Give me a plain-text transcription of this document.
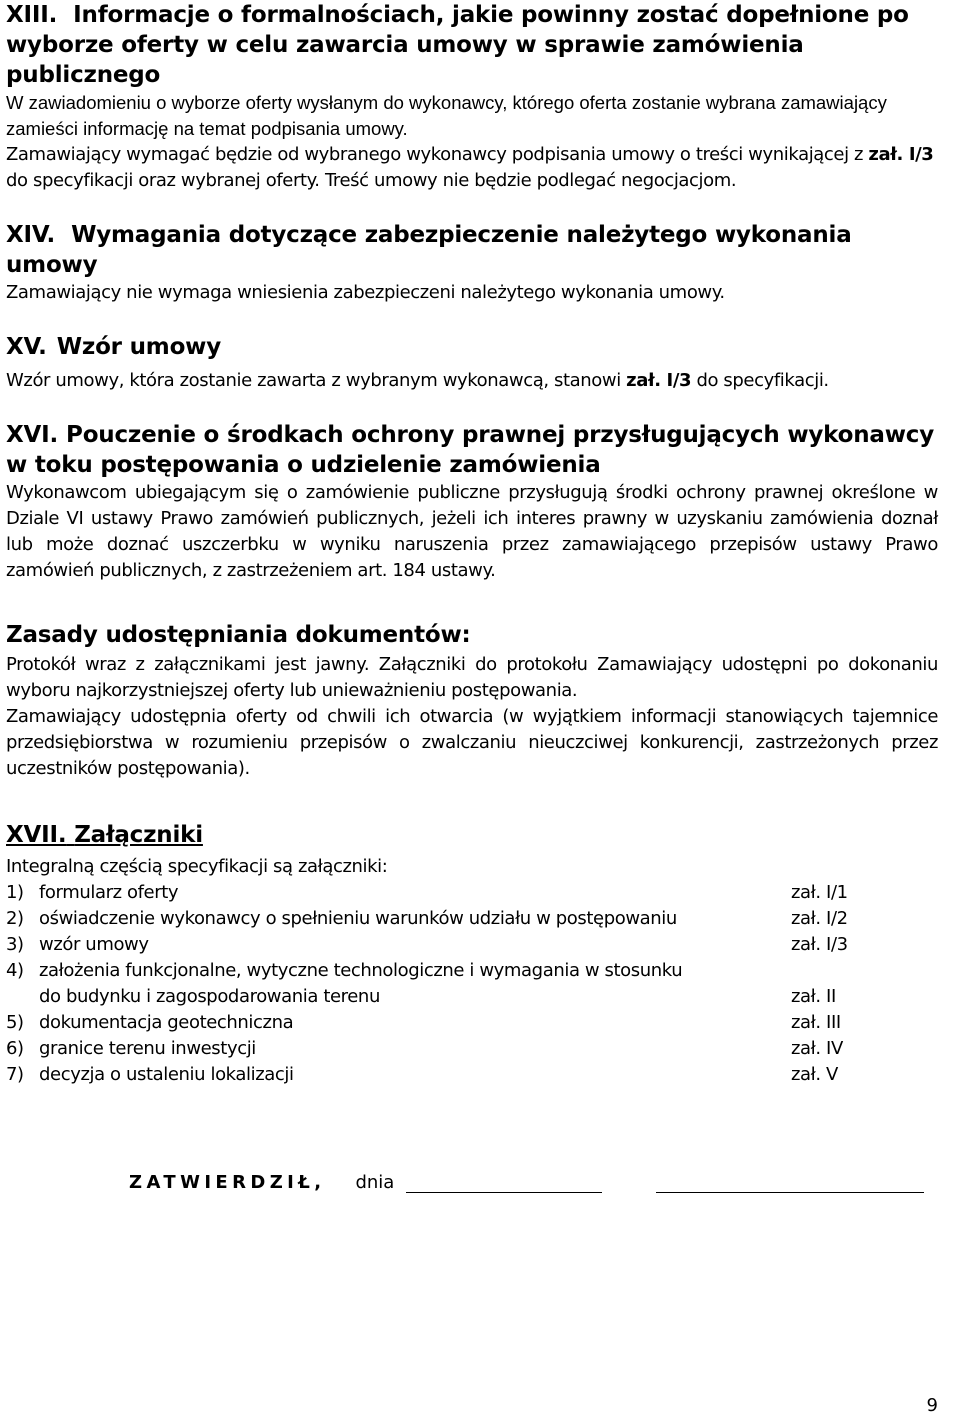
XIII. Informacje o formalnościach, jakie powinny zostać dopełnione po wyborze oferty w celu zawarcia umowy w sprawie zamówienia publicznego

W zawiadomieniu o wyborze oferty wysłanym do wykonawcy, którego oferta zostanie wybrana zamawiający zamieści informację na temat podpisania umowy.

Zamawiający wymagać będzie od wybranego wykonawcy podpisania umowy o treści wynikającej z zał. I/3 do specyfikacji oraz wybranej oferty. Treść umowy nie będzie podlegać negocjacjom.

XIV. Wymagania dotyczące zabezpieczenie należytego wykonania umowy

Zamawiający nie wymaga wniesienia zabezpieczeni należytego wykonania umowy.

XV. Wzór umowy

Wzór umowy, która zostanie zawarta z wybranym wykonawcą, stanowi zał. I/3 do specyfikacji.

XVI. Pouczenie o środkach ochrony prawnej przysługujących wykonawcy w toku postępowania o udzielenie zamówienia

Wykonawcom ubiegającym się o zamówienie publiczne przysługują środki ochrony prawnej określone w Dziale VI ustawy Prawo zamówień publicznych, jeżeli ich interes prawny w uzyskaniu zamówienia doznał lub może doznać uszczerbku w wyniku naruszenia przez zamawiającego przepisów ustawy Prawo zamówień publicznych, z zastrzeżeniem art. 184 ustawy.

Zasady udostępniania dokumentów:

Protokół wraz z załącznikami jest jawny. Załączniki do protokołu Zamawiający udostępni po dokonaniu wyboru najkorzystniejszej oferty lub unieważnieniu postępowania.

Zamawiający udostępnia oferty od chwili ich otwarcia (w wyjątkiem informacji stanowiących tajemnice przedsiębiorstwa w rozumieniu przepisów o zwalczaniu nieuczciwej konkurencji, zastrzeżonych przez uczestników postępowania).

XVII. Załączniki

Integralną częścią specyfikacji są załączniki:

1) formularz oferty	zał. I/1
2) oświadczenie wykonawcy o spełnieniu warunków udziału w postępowaniu	zał. I/2
3) wzór umowy	zał. I/3
4) założenia funkcjonalne, wytyczne technologiczne i wymagania w stosunku
do budynku i zagospodarowania terenu	zał. II
5) dokumentacja geotechniczna	zał. III
6) granice terenu inwestycji	zał. IV
7) decyzja o ustaleniu lokalizacji	zał. V
ZATWIERDZIŁ, dnia
9
